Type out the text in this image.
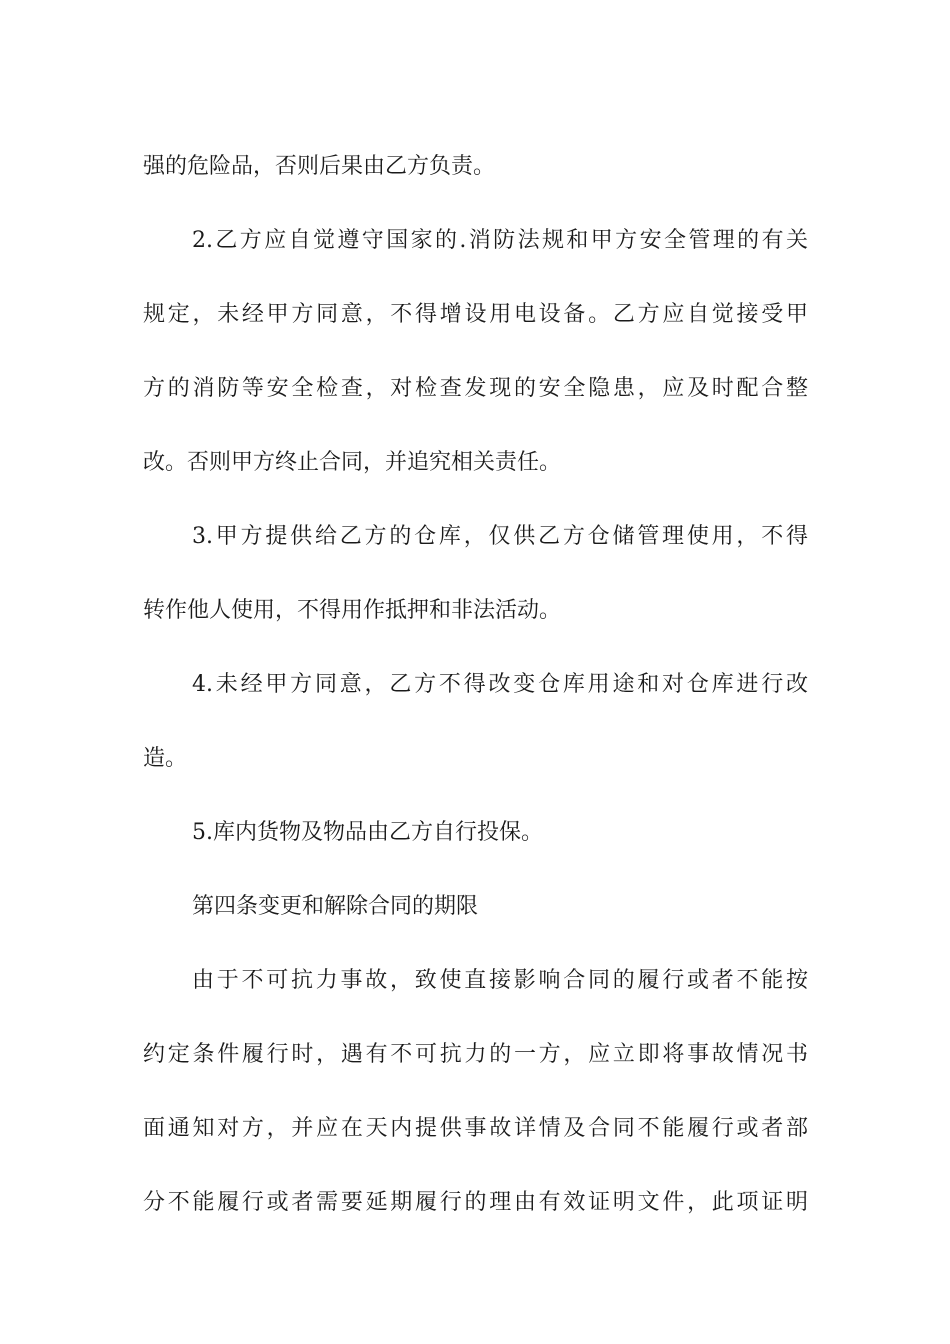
强的危险品，否则后果由乙方负责。
2.乙方应自觉遵守国家的.消防法规和甲方安全管理的有关
规定，未经甲方同意，不得增设用电设备。乙方应自觉接受甲
方的消防等安全检查，对检查发现的安全隐患，应及时配合整
改。否则甲方终止合同，并追究相关责任。
3.甲方提供给乙方的仓库，仅供乙方仓储管理使用，不得
转作他人使用，不得用作抵押和非法活动。
4.未经甲方同意，乙方不得改变仓库用途和对仓库进行改
造。
5.库内货物及物品由乙方自行投保。
第四条变更和解除合同的期限
由于不可抗力事故，致使直接影响合同的履行或者不能按
约定条件履行时，遇有不可抗力的一方，应立即将事故情况书
面通知对方，并应在天内提供事故详情及合同不能履行或者部
分不能履行或者需要延期履行的理由有效证明文件，此项证明
